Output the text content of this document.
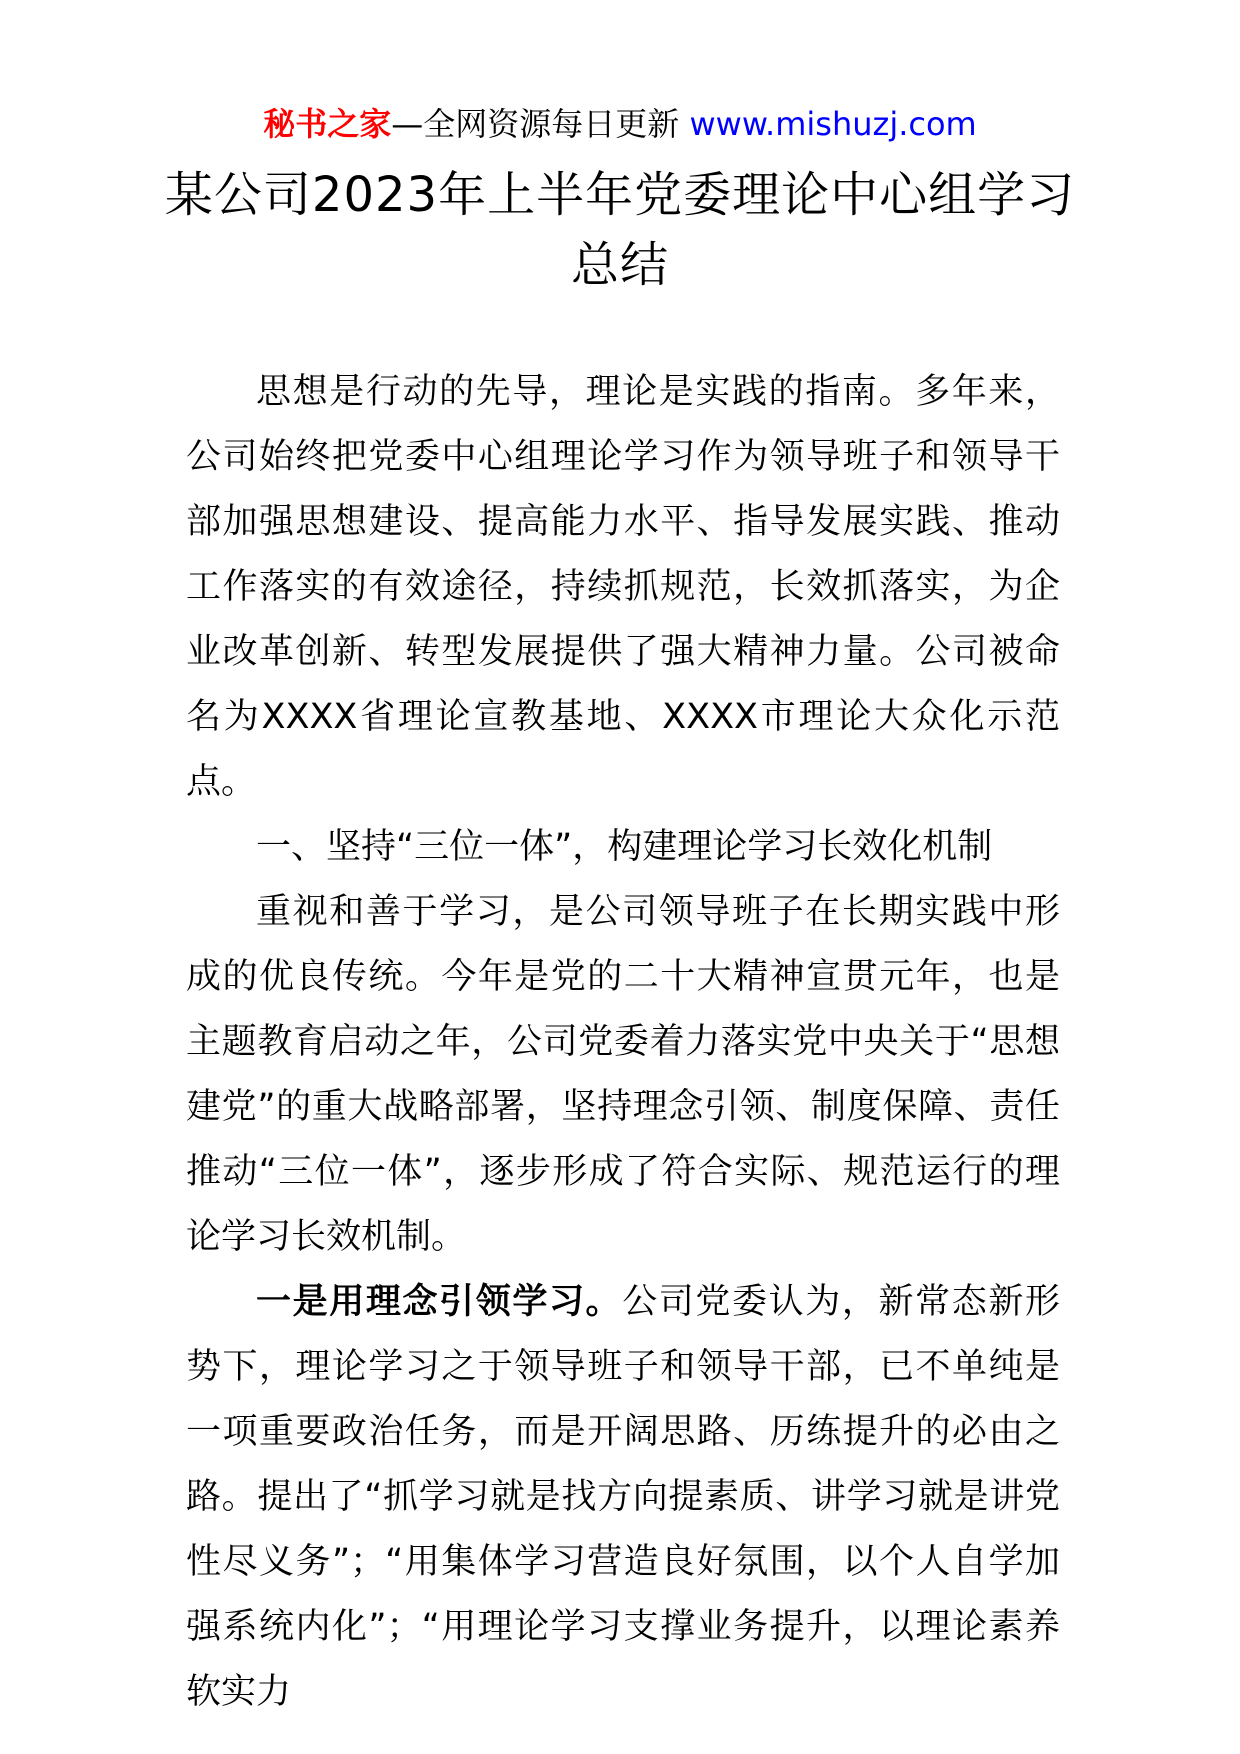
秘书之家—全网资源每日更新 www.mishuzj.com
某公司2023年上半年党委理论中心组学习总结

思想是行动的先导，理论是实践的指南。多年来，公司始终把党委中心组理论学习作为领导班子和领导干部加强思想建设、提高能力水平、指导发展实践、推动工作落实的有效途径，持续抓规范，长效抓落实，为企业改革创新、转型发展提供了强大精神力量。公司被命名为XXXX省理论宣教基地、XXXX市理论大众化示范点。

一、坚持“三位一体”，构建理论学习长效化机制

重视和善于学习，是公司领导班子在长期实践中形成的优良传统。今年是党的二十大精神宣贯元年，也是主题教育启动之年，公司党委着力落实党中央关于“思想建党”的重大战略部署，坚持理念引领、制度保障、责任推动“三位一体”，逐步形成了符合实际、规范运行的理论学习长效机制。

一是用理念引领学习。公司党委认为，新常态新形势下，理论学习之于领导班子和领导干部，已不单纯是一项重要政治任务，而是开阔思路、历练提升的必由之路。提出了“抓学习就是找方向提素质、讲学习就是讲党性尽义务”；“用集体学习营造良好氛围，以个人自学加强系统内化”；“用理论学习支撑业务提升，以理论素养软实力
